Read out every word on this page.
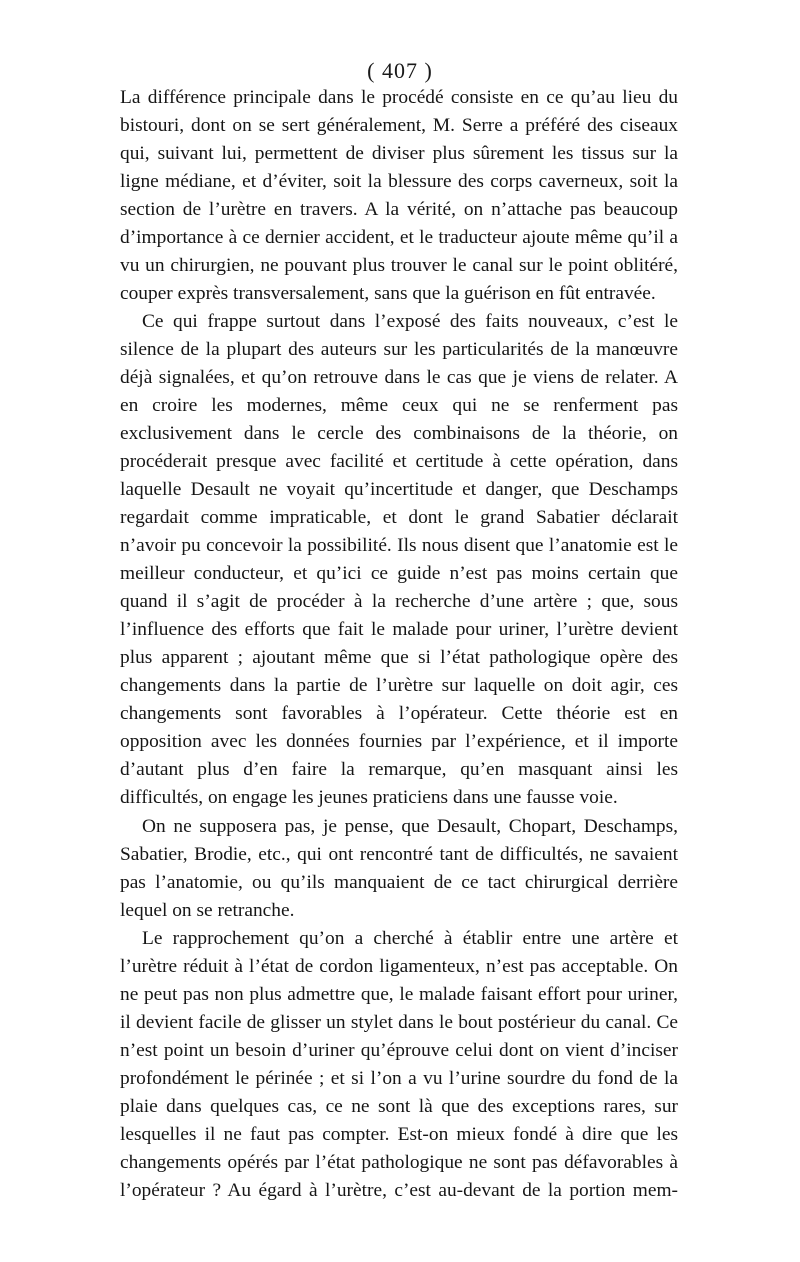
( 407 )

La différence principale dans le procédé consiste en ce qu’au lieu du bistouri, dont on se sert généralement, M. Serre a préféré des ciseaux qui, suivant lui, permettent de diviser plus sûrement les tissus sur la ligne médiane, et d’éviter, soit la blessure des corps caverneux, soit la section de l’urètre en travers. A la vérité, on n’attache pas beaucoup d’importance à ce dernier accident, et le traducteur ajoute même qu’il a vu un chirurgien, ne pouvant plus trouver le canal sur le point oblitéré, couper exprès transversalement, sans que la guérison en fût entravée.

Ce qui frappe surtout dans l’exposé des faits nouveaux, c’est le silence de la plupart des auteurs sur les particularités de la manœuvre déjà signalées, et qu’on retrouve dans le cas que je viens de relater. A en croire les modernes, même ceux qui ne se renferment pas exclusivement dans le cercle des combinaisons de la théorie, on procéderait presque avec facilité et certitude à cette opération, dans laquelle Desault ne voyait qu’incertitude et danger, que Deschamps regardait comme impraticable, et dont le grand Sabatier déclarait n’avoir pu concevoir la possibilité. Ils nous disent que l’anatomie est le meilleur conducteur, et qu’ici ce guide n’est pas moins certain que quand il s’agit de procéder à la recherche d’une artère ; que, sous l’influence des efforts que fait le malade pour uriner, l’urètre devient plus apparent ; ajoutant même que si l’état pathologique opère des changements dans la partie de l’urètre sur laquelle on doit agir, ces changements sont favorables à l’opérateur. Cette théorie est en opposition avec les données fournies par l’expérience, et il importe d’autant plus d’en faire la remarque, qu’en masquant ainsi les difficultés, on engage les jeunes praticiens dans une fausse voie.

On ne supposera pas, je pense, que Desault, Chopart, Deschamps, Sabatier, Brodie, etc., qui ont rencontré tant de difficultés, ne savaient pas l’anatomie, ou qu’ils manquaient de ce tact chirurgical derrière lequel on se retranche.

Le rapprochement qu’on a cherché à établir entre une artère et l’urètre réduit à l’état de cordon ligamenteux, n’est pas acceptable. On ne peut pas non plus admettre que, le malade faisant effort pour uriner, il devient facile de glisser un stylet dans le bout postérieur du canal. Ce n’est point un besoin d’uriner qu’éprouve celui dont on vient d’inciser profondément le périnée ; et si l’on a vu l’urine sourdre du fond de la plaie dans quelques cas, ce ne sont là que des exceptions rares, sur lesquelles il ne faut pas compter. Est-on mieux fondé à dire que les changements opérés par l’état pathologique ne sont pas défavorables à l’opérateur ? Au égard à l’urètre, c’est au-devant de la portion mem-
